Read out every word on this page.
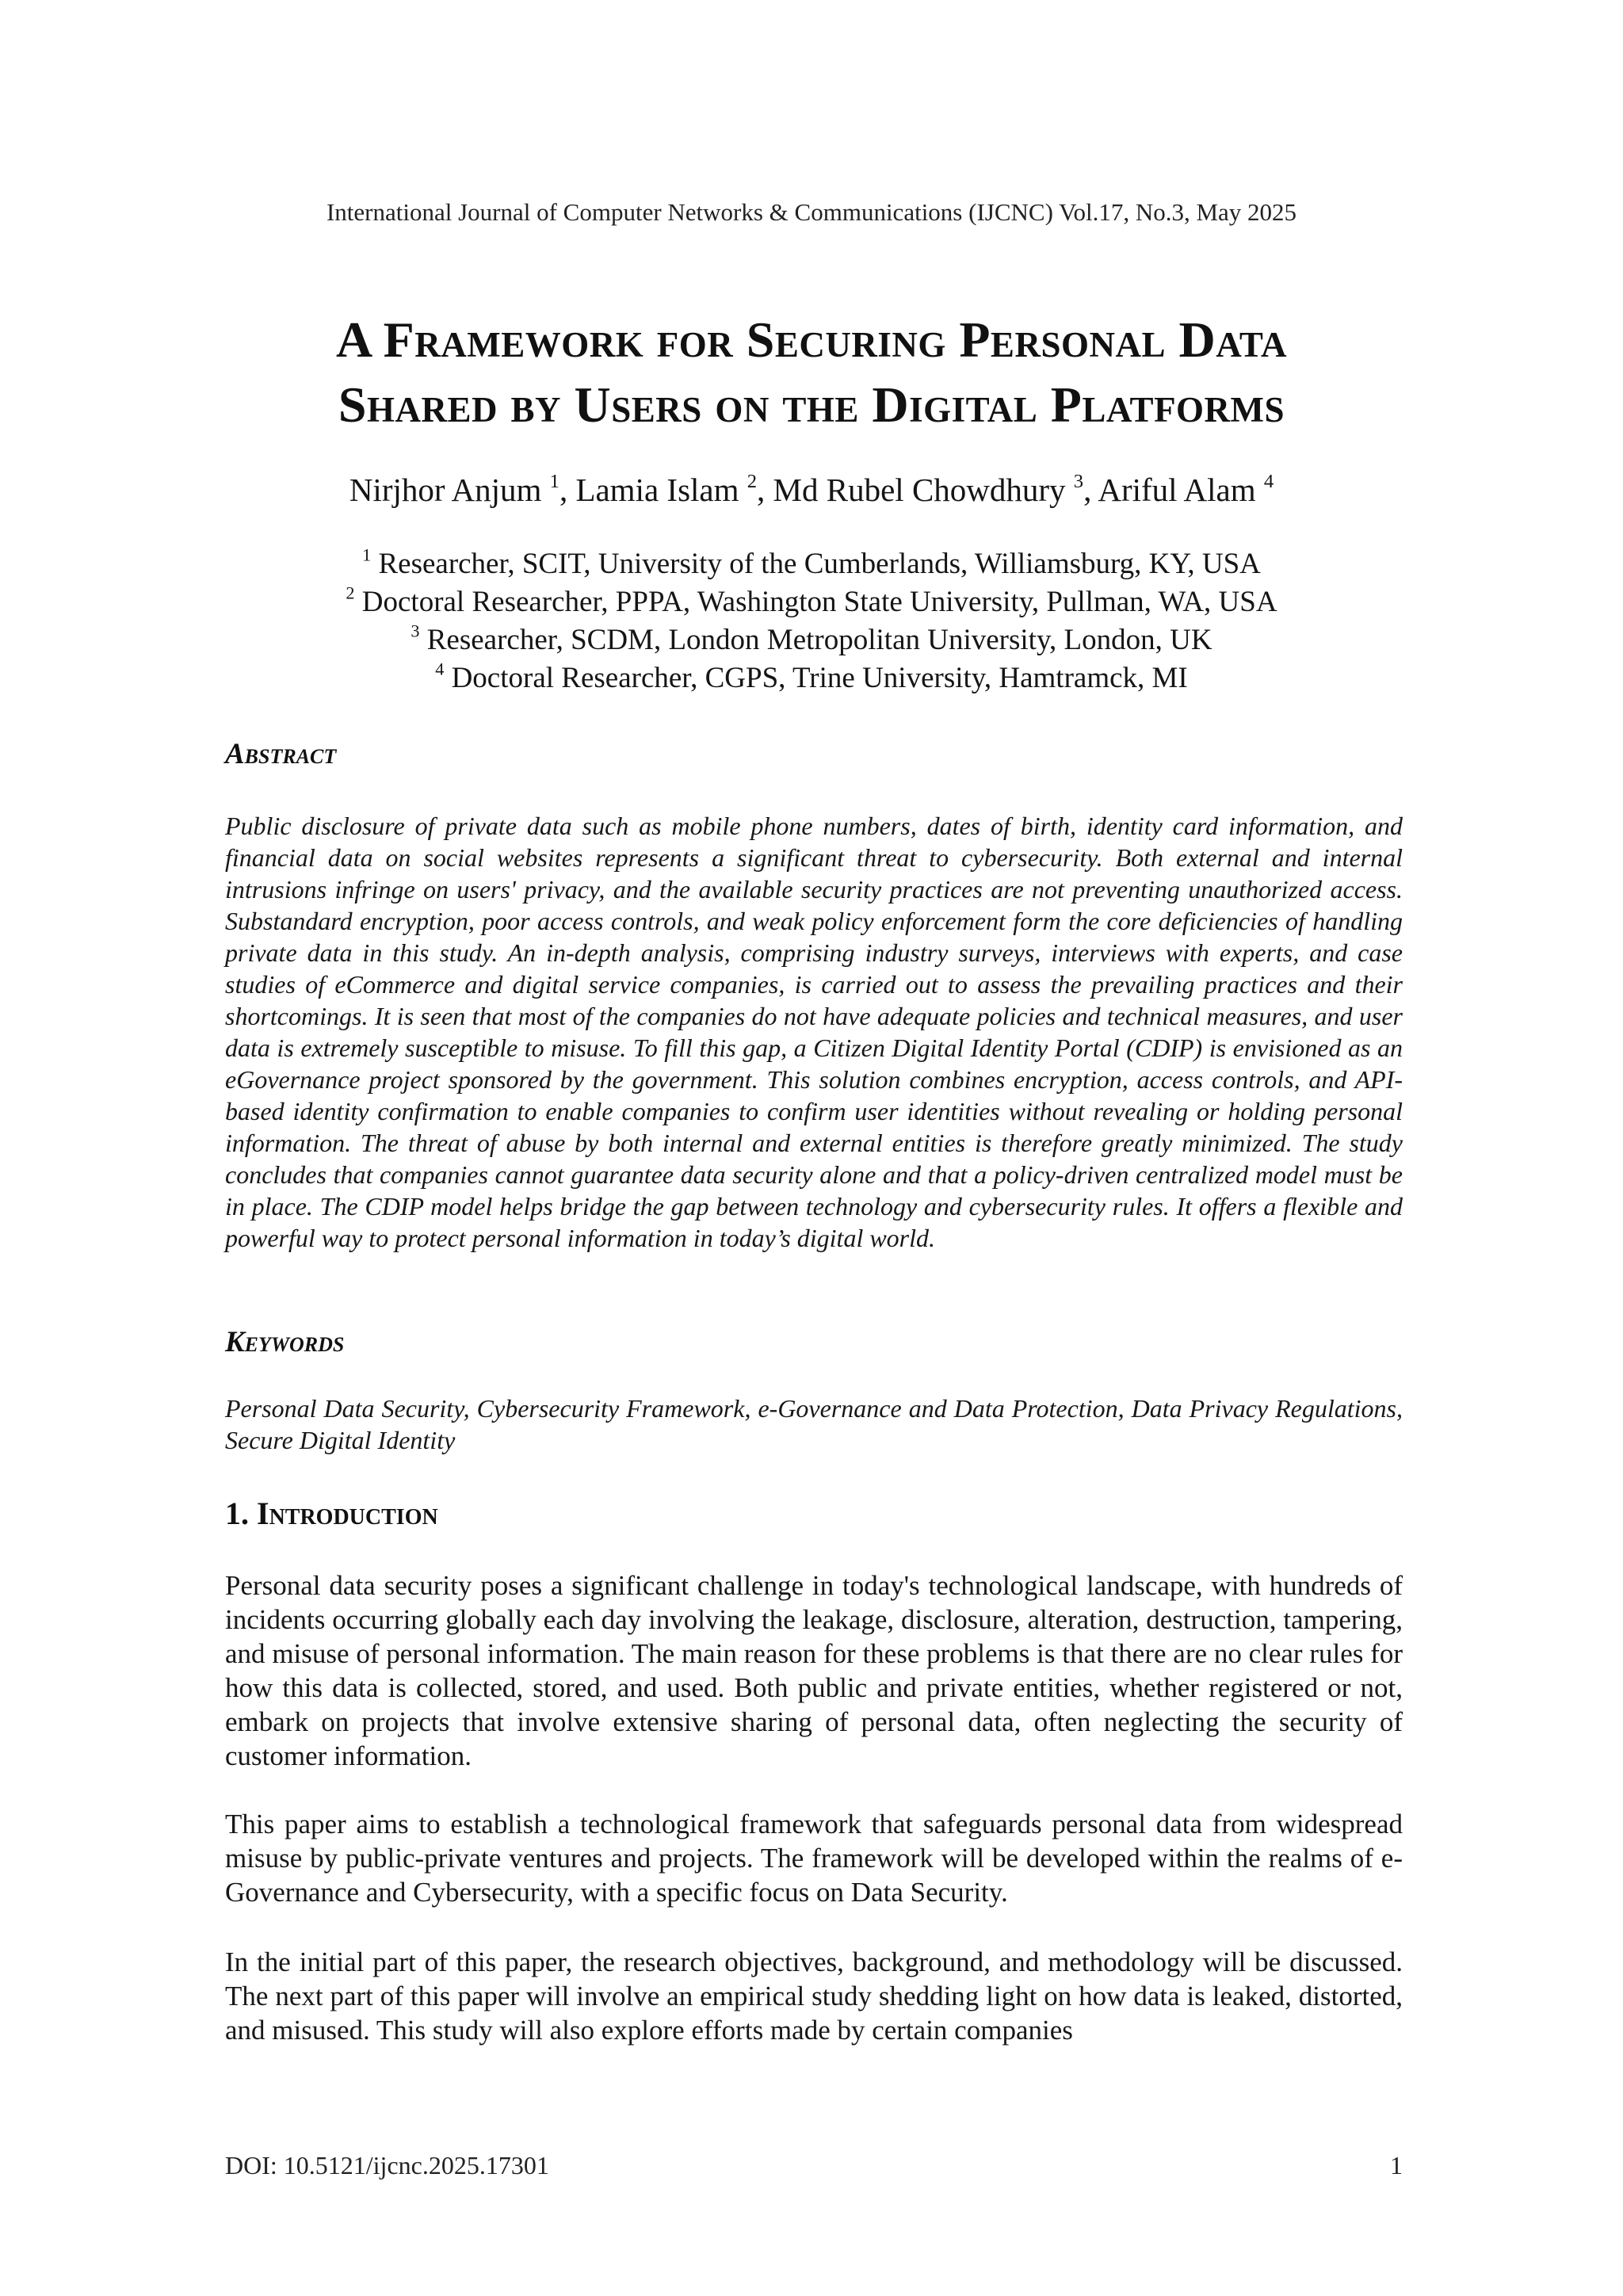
International Journal of Computer Networks & Communications (IJCNC) Vol.17, No.3, May 2025
A Framework for Securing Personal Data
Shared by Users on the Digital Platforms
Nirjhor Anjum $^1$, Lamia Islam $^2$, Md Rubel Chowdhury $^3$, Ariful Alam $^4$
$^1$ Researcher, SCIT, University of the Cumberlands, Williamsburg, KY, USA
$^2$ Doctoral Researcher, PPPA, Washington State University, Pullman, WA, USA
$^3$ Researcher, SCDM, London Metropolitan University, London, UK
$^4$ Doctoral Researcher, CGPS, Trine University, Hamtramck, MI
Abstract
Public disclosure of private data such as mobile phone numbers, dates of birth, identity card information, and financial data on social websites represents a significant threat to cybersecurity. Both external and internal intrusions infringe on users' privacy, and the available security practices are not preventing unauthorized access. Substandard encryption, poor access controls, and weak policy enforcement form the core deficiencies of handling private data in this study. An in-depth analysis, comprising industry surveys, interviews with experts, and case studies of eCommerce and digital service companies, is carried out to assess the prevailing practices and their shortcomings. It is seen that most of the companies do not have adequate policies and technical measures, and user data is extremely susceptible to misuse. To fill this gap, a Citizen Digital Identity Portal (CDIP) is envisioned as an eGovernance project sponsored by the government. This solution combines encryption, access controls, and API-based identity confirmation to enable companies to confirm user identities without revealing or holding personal information. The threat of abuse by both internal and external entities is therefore greatly minimized. The study concludes that companies cannot guarantee data security alone and that a policy-driven centralized model must be in place. The CDIP model helps bridge the gap between technology and cybersecurity rules. It offers a flexible and powerful way to protect personal information in today’s digital world.
Keywords
Personal Data Security, Cybersecurity Framework, e-Governance and Data Protection, Data Privacy Regulations, Secure Digital Identity
1. Introduction
Personal data security poses a significant challenge in today's technological landscape, with hundreds of incidents occurring globally each day involving the leakage, disclosure, alteration, destruction, tampering, and misuse of personal information. The main reason for these problems is that there are no clear rules for how this data is collected, stored, and used. Both public and private entities, whether registered or not, embark on projects that involve extensive sharing of personal data, often neglecting the security of customer information.
This paper aims to establish a technological framework that safeguards personal data from widespread misuse by public-private ventures and projects. The framework will be developed within the realms of e-Governance and Cybersecurity, with a specific focus on Data Security.
In the initial part of this paper, the research objectives, background, and methodology will be discussed. The next part of this paper will involve an empirical study shedding light on how data is leaked, distorted, and misused. This study will also explore efforts made by certain companies
DOI: 10.5121/ijcnc.2025.17301	1
